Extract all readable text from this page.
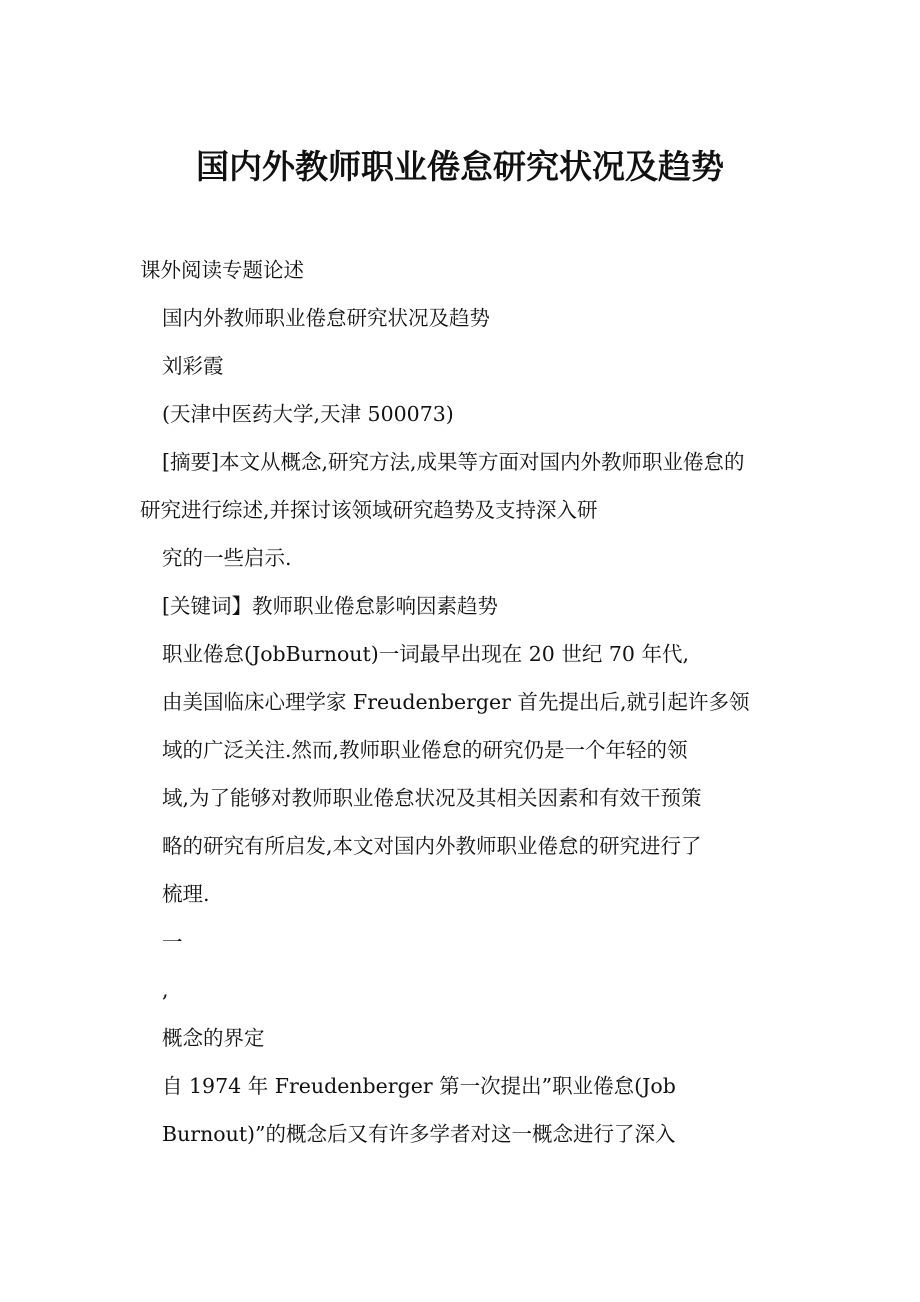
国内外教师职业倦怠研究状况及趋势
课外阅读专题论述
国内外教师职业倦怠研究状况及趋势
刘彩霞
(天津中医药大学,天津 500073)
[摘要]本文从概念,研究方法,成果等方面对国内外教师职业倦怠的
研究进行综述,并探讨该领域研究趋势及支持深入研
究的一些启示.
[关键词】教师职业倦怠影响因素趋势
职业倦怠(JobBurnout)一词最早出现在 20 世纪 70 年代,
由美国临床心理学家 Freudenberger 首先提出后,就引起许多领
域的广泛关注.然而,教师职业倦怠的研究仍是一个年轻的领
域,为了能够对教师职业倦怠状况及其相关因素和有效干预策
略的研究有所启发,本文对国内外教师职业倦怠的研究进行了
梳理.
一
,
概念的界定
自 1974 年 Freudenberger 第一次提出”职业倦怠(Job
Burnout)”的概念后又有许多学者对这一概念进行了深入
